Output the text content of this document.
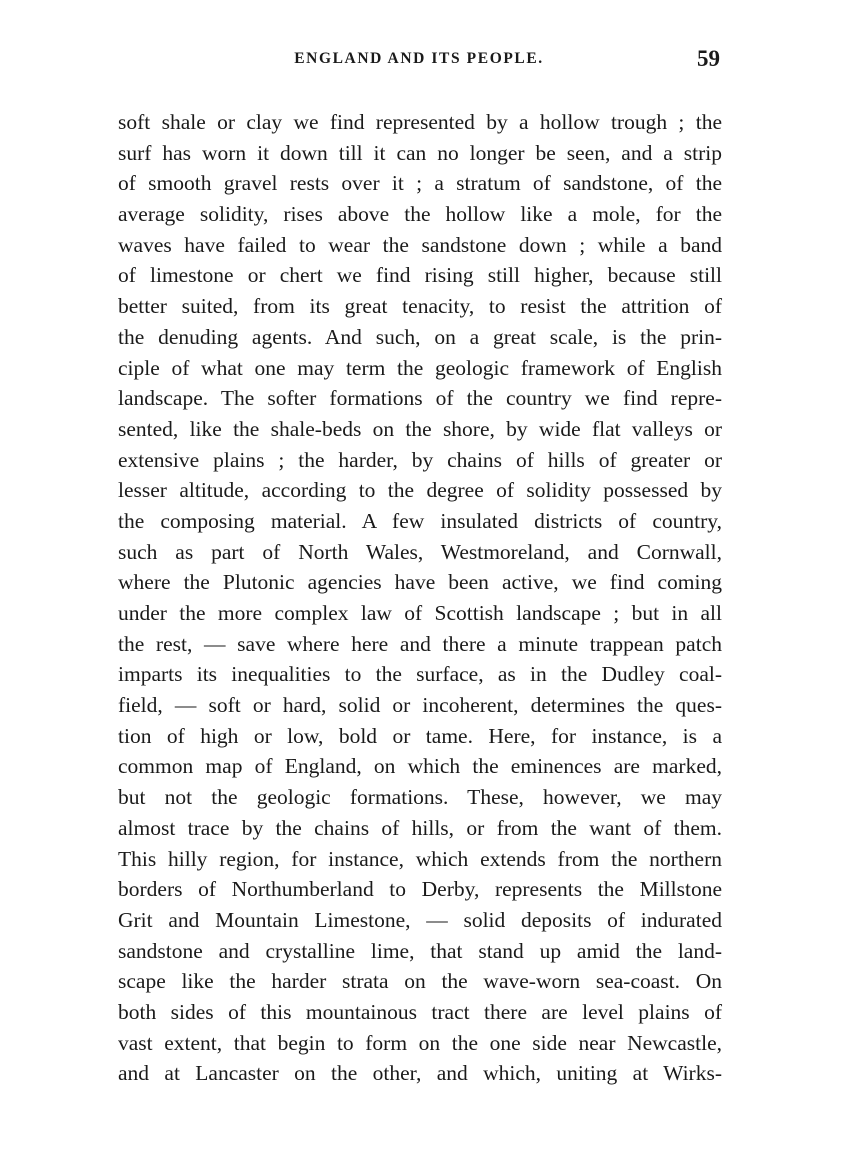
ENGLAND AND ITS PEOPLE.	59
soft shale or clay we find represented by a hollow trough ; the
surf has worn it down till it can no longer be seen, and a strip
of smooth gravel rests over it ; a stratum of sandstone, of the
average solidity, rises above the hollow like a mole, for the
waves have failed to wear the sandstone down ; while a band
of limestone or chert we find rising still higher, because still
better suited, from its great tenacity, to resist the attrition of
the denuding agents. And such, on a great scale, is the prin-
ciple of what one may term the geologic framework of English
landscape. The softer formations of the country we find repre-
sented, like the shale-beds on the shore, by wide flat valleys or
extensive plains ; the harder, by chains of hills of greater or
lesser altitude, according to the degree of solidity possessed by
the composing material. A few insulated districts of country,
such as part of North Wales, Westmoreland, and Cornwall,
where the Plutonic agencies have been active, we find coming
under the more complex law of Scottish landscape ; but in all
the rest, — save where here and there a minute trappean patch
imparts its inequalities to the surface, as in the Dudley coal-
field, — soft or hard, solid or incoherent, determines the ques-
tion of high or low, bold or tame. Here, for instance, is a
common map of England, on which the eminences are marked,
but not the geologic formations. These, however, we may
almost trace by the chains of hills, or from the want of them.
This hilly region, for instance, which extends from the northern
borders of Northumberland to Derby, represents the Millstone
Grit and Mountain Limestone, — solid deposits of indurated
sandstone and crystalline lime, that stand up amid the land-
scape like the harder strata on the wave-worn sea-coast. On
both sides of this mountainous tract there are level plains of
vast extent, that begin to form on the one side near Newcastle,
and at Lancaster on the other, and which, uniting at Wirks-
